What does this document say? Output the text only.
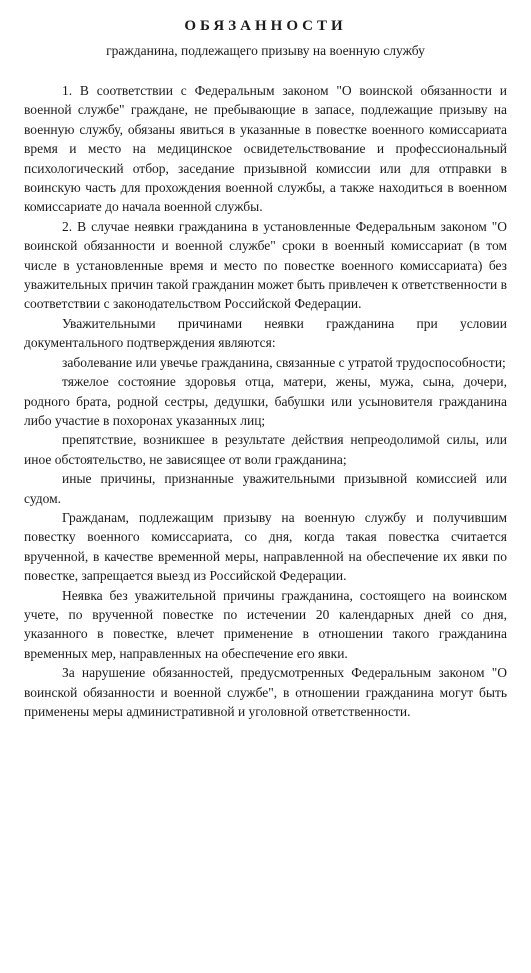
ОБЯЗАННОСТИ
гражданина, подлежащего призыву на военную службу

1. В соответствии с Федеральным законом "О воинской обязанности и военной службе" граждане, не пребывающие в запасе, подлежащие призыву на военную службу, обязаны явиться в указанные в повестке военного комиссариата время и место на медицинское освидетельствование и профессиональный психологический отбор, заседание призывной комиссии или для отправки в воинскую часть для прохождения военной службы, а также находиться в военном комиссариате до начала военной службы.

2. В случае неявки гражданина в установленные Федеральным законом "О воинской обязанности и военной службе" сроки в военный комиссариат (в том числе в установленные время и место по повестке военного комиссариата) без уважительных причин такой гражданин может быть привлечен к ответственности в соответствии с законодательством Российской Федерации.

Уважительными причинами неявки гражданина при условии документального подтверждения являются:

заболевание или увечье гражданина, связанные с утратой трудоспособности;

тяжелое состояние здоровья отца, матери, жены, мужа, сына, дочери, родного брата, родной сестры, дедушки, бабушки или усыновителя гражданина либо участие в похоронах указанных лиц;

препятствие, возникшее в результате действия непреодолимой силы, или иное обстоятельство, не зависящее от воли гражданина;

иные причины, признанные уважительными призывной комиссией или судом.

Гражданам, подлежащим призыву на военную службу и получившим повестку военного комиссариата, со дня, когда такая повестка считается врученной, в качестве временной меры, направленной на обеспечение их явки по повестке, запрещается выезд из Российской Федерации.

Неявка без уважительной причины гражданина, состоящего на воинском учете, по врученной повестке по истечении 20 календарных дней со дня, указанного в повестке, влечет применение в отношении такого гражданина временных мер, направленных на обеспечение его явки.

За нарушение обязанностей, предусмотренных Федеральным законом "О воинской обязанности и военной службе", в отношении гражданина могут быть применены меры административной и уголовной ответственности.
